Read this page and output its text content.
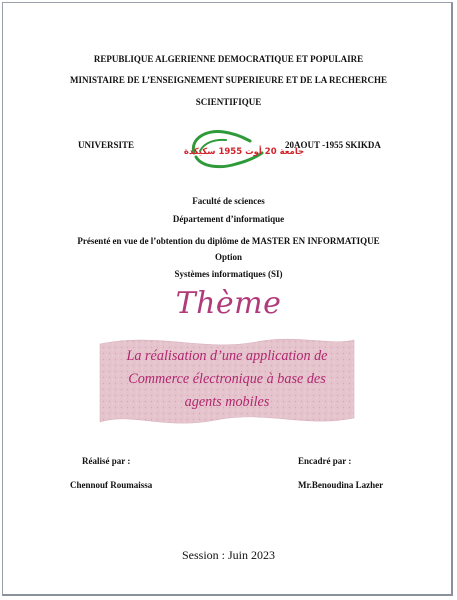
REPUBLIQUE ALGERIENNE DEMOCRATIQUE ET POPULAIRE
MINISTAIRE DE L’ENSEIGNEMENT SUPERIEURE ET DE LA RECHERCHE
SCIENTIFIQUE
UNIVERSITE
جامعة 20 أوت 1955 سكيكدة
20AOUT -1955 SKIKDA
Faculté de sciences
Département d’informatique
Présenté en vue de l’obtention du diplôme de MASTER EN INFORMATIQUE
Option
Systèmes informatiques (SI)
Thème
La réalisation d’une application de
Commerce électronique à base des
agents mobiles
Réalisé par :
Chennouf Roumaissa
Encadré par :
Mr.Benoudina Lazher
Session : Juin 2023
